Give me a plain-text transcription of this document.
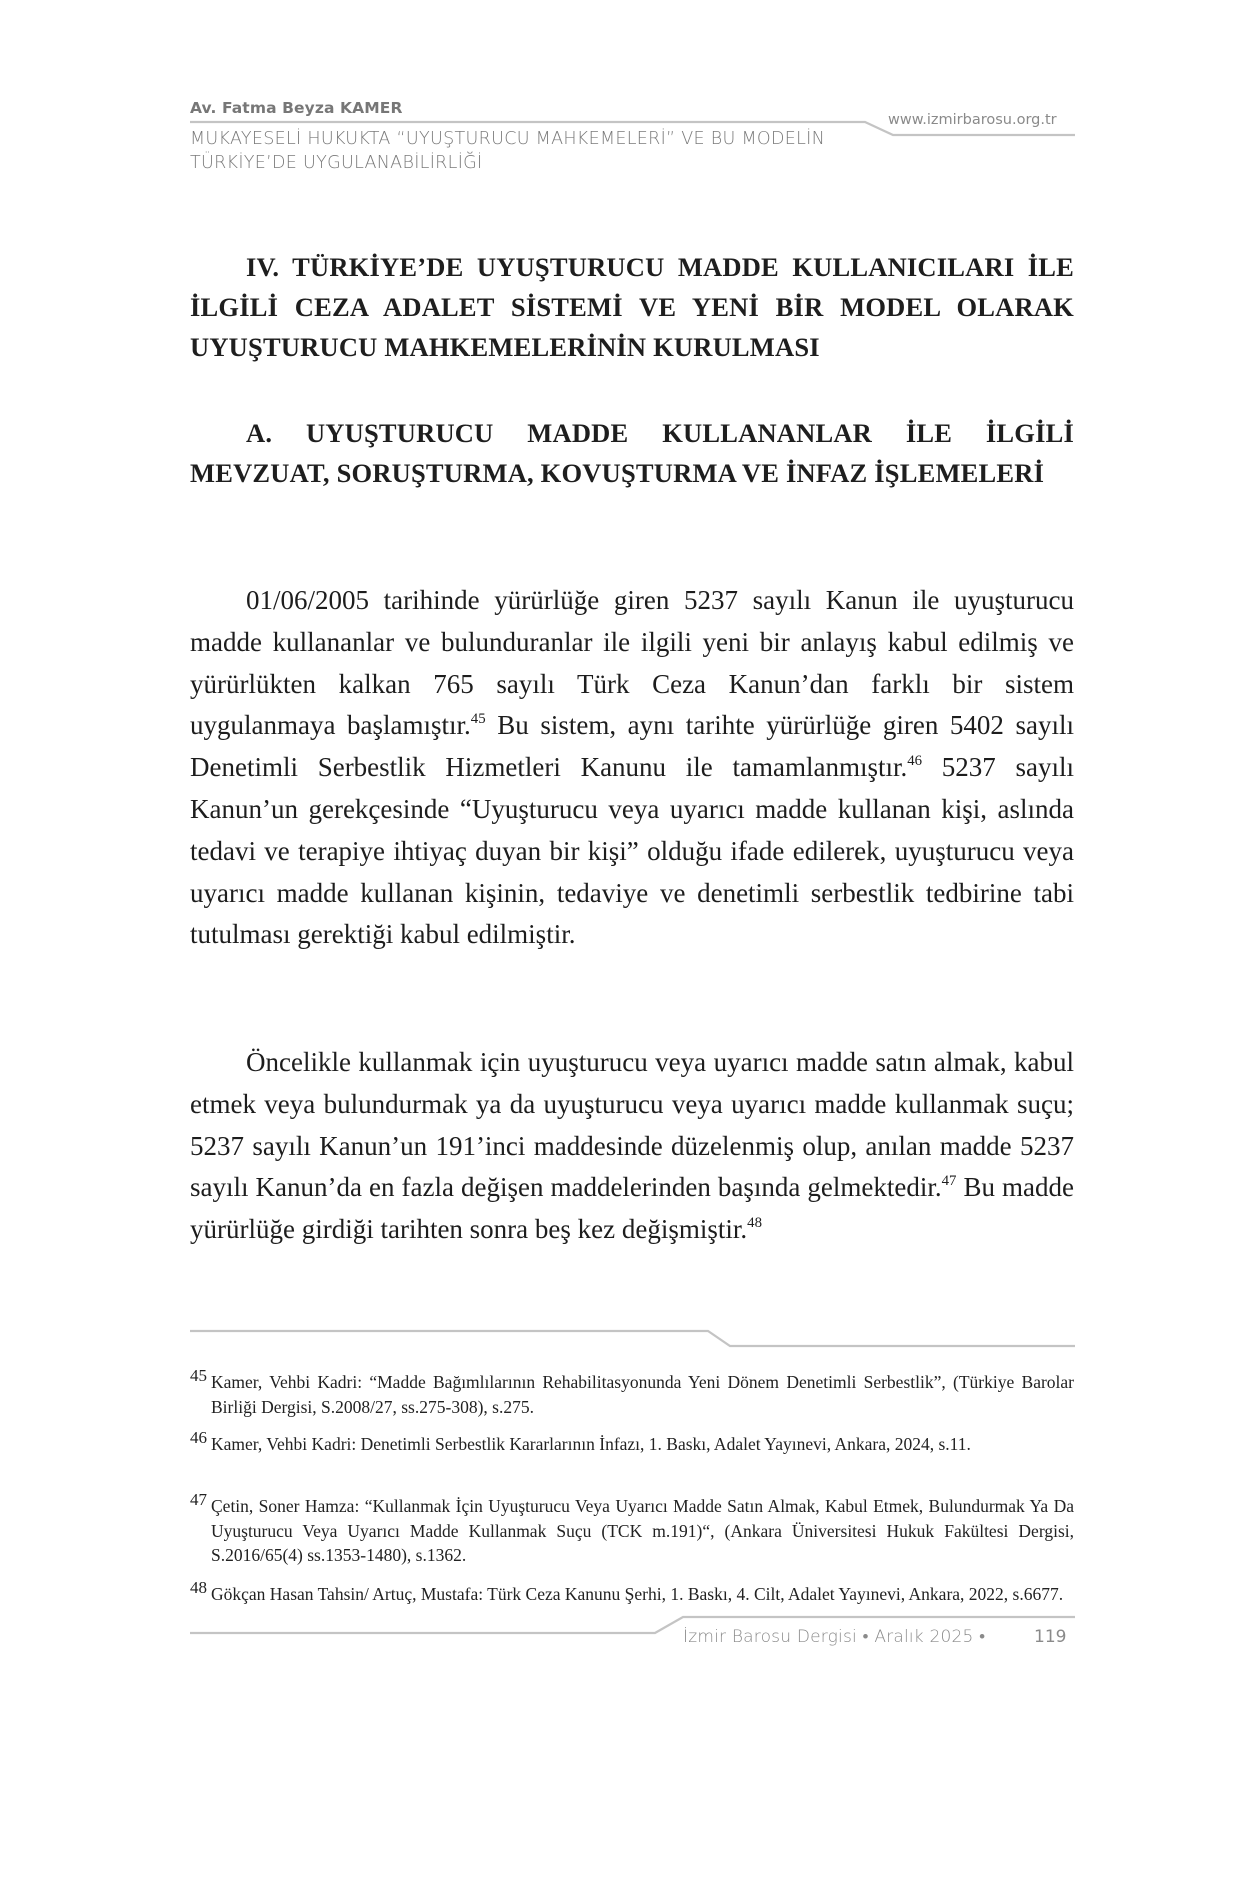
Av. Fatma Beyza KAMER
MUKAYESELİ HUKUKTA “UYUŞTURUCU MAHKEMELERİ” VE BU MODELİN TÜRKİYE’DE UYGULANABİLİRLİĞİ
www.izmirbarosu.org.tr
IV. TÜRKİYE’DE UYUŞTURUCU MADDE KULLANICILARI İLE İLGİLİ CEZA ADALET SİSTEMİ VE YENİ BİR MODEL OLARAK UYUŞTURUCU MAHKEMELERİNİN KURULMASI
A. UYUŞTURUCU MADDE KULLANANLAR İLE İLGİLİ MEVZUAT, SORUŞTURMA, KOVUŞTURMA VE İNFAZ İŞLEMELERİ

01/06/2005 tarihinde yürürlüğe giren 5237 sayılı Kanun ile uyuşturucu madde kullananlar ve bulunduranlar ile ilgili yeni bir anlayış kabul edilmiş ve yürürlükten kalkan 765 sayılı Türk Ceza Kanun’dan farklı bir sistem uygulanmaya başlamıştır.$^{45}$ Bu sistem, aynı tarihte yürürlüğe giren 5402 sayılı Denetimli Serbestlik Hizmetleri Kanunu ile tamamlanmıştır.$^{46}$ 5237 sayılı Kanun’un gerekçesinde “Uyuşturucu veya uyarıcı madde kullanan kişi, aslında tedavi ve terapiye ihtiyaç duyan bir kişi” olduğu ifade edilerek, uyuşturucu veya uyarıcı madde kullanan kişinin, tedaviye ve denetimli serbestlik tedbirine tabi tutulması gerektiği kabul edilmiştir.

Öncelikle kullanmak için uyuşturucu veya uyarıcı madde satın almak, kabul etmek veya bulundurmak ya da uyuşturucu veya uyarıcı madde kullanmak suçu; 5237 sayılı Kanun’un 191’inci maddesinde düzelenmiş olup, anılan madde 5237 sayılı Kanun’da en fazla değişen maddelerinden başında gelmektedir.$^{47}$ Bu madde yürürlüğe girdiği tarihten sonra beş kez değişmiştir.$^{48}$

45 Kamer, Vehbi Kadri: “Madde Bağımlılarının Rehabilitasyonunda Yeni Dönem Denetimli Serbestlik”, (Türkiye Barolar Birliği Dergisi, S.2008/27, ss.275-308), s.275.
46 Kamer, Vehbi Kadri: Denetimli Serbestlik Kararlarının İnfazı, 1. Baskı, Adalet Yayınevi, Ankara, 2024, s.11.
47 Çetin, Soner Hamza: “Kullanmak İçin Uyuşturucu Veya Uyarıcı Madde Satın Almak, Kabul Etmek, Bulundurmak Ya Da Uyuşturucu Veya Uyarıcı Madde Kullanmak Suçu (TCK m.191)“, (Ankara Üniversitesi Hukuk Fakültesi Dergisi, S.2016/65(4) ss.1353-1480), s.1362.
48 Gökçan Hasan Tahsin/ Artuç, Mustafa: Türk Ceza Kanunu Şerhi, 1. Baskı, 4. Cilt, Adalet Yayınevi, Ankara, 2022, s.6677.
İzmir Barosu Dergisi • Aralık 2025 •	119
